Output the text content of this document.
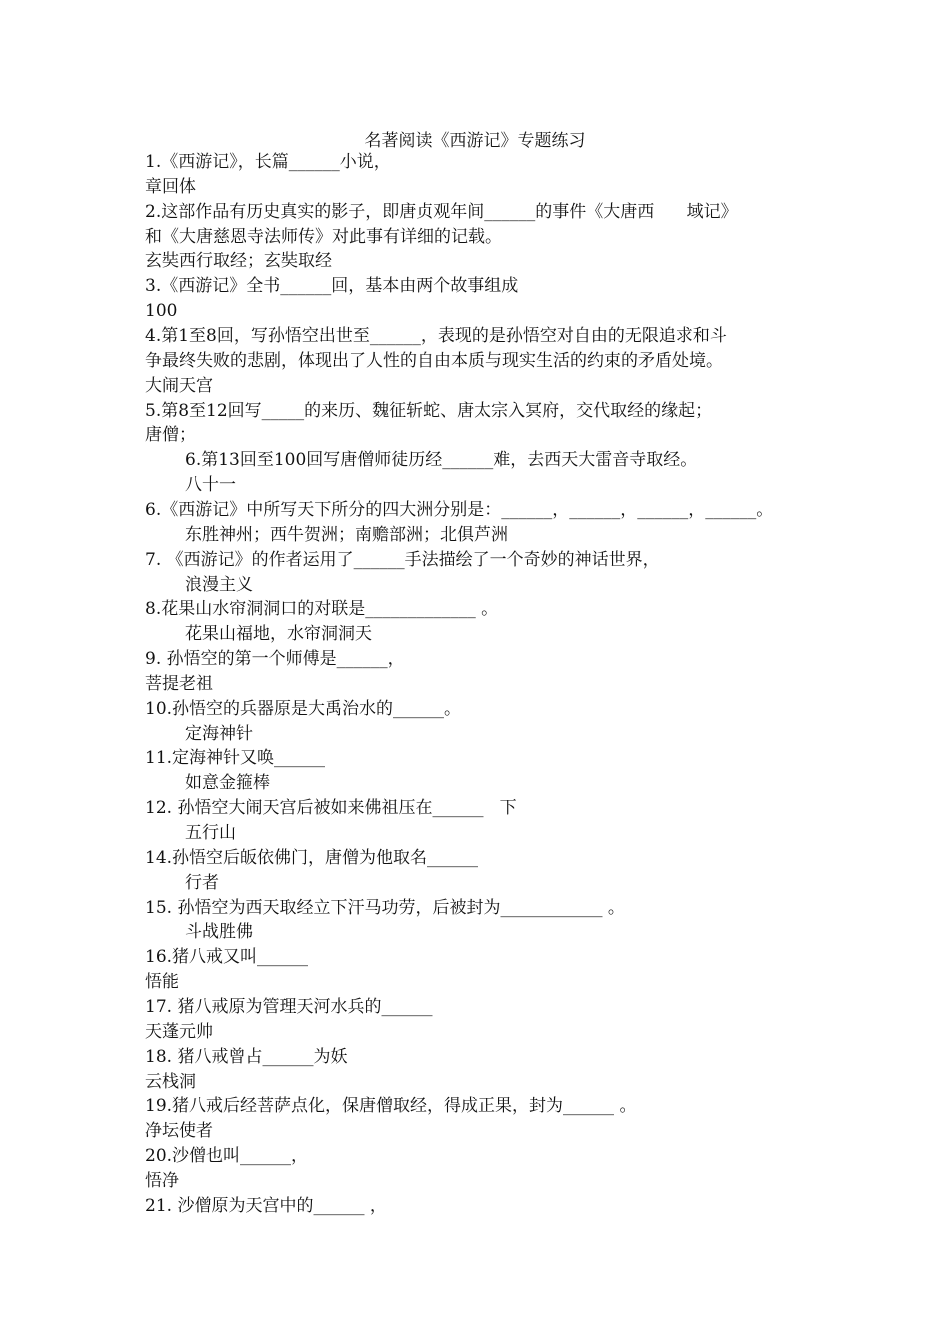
名著阅读《西游记》专题练习
1.《西游记》，长篇______小说，
章回体
2.这部作品有历史真实的影子，即唐贞观年间______的事件《大唐西      域记》
和《大唐慈恩寺法师传》对此事有详细的记载。
玄奘西行取经；玄奘取经
3.《西游记》全书______回，基本由两个故事组成
100
4.第1至8回，写孙悟空出世至______，表现的是孙悟空对自由的无限追求和斗
争最终失败的悲剧，体现出了人性的自由本质与现实生活的约束的矛盾处境。
大闹天宫
5.第8至12回写_____的来历、魏征斩蛇、唐太宗入冥府，交代取经的缘起；
唐僧；
6.第13回至100回写唐僧师徒历经______难，去西天大雷音寺取经。
八十一
6.《西游记》中所写天下所分的四大洲分别是：______，______，______，______。
东胜神州；西牛贺洲；南赡部洲；北俱芦洲
7. 《西游记》的作者运用了______手法描绘了一个奇妙的神话世界，
浪漫主义
8.花果山水帘洞洞口的对联是_____________ 。
花果山福地，水帘洞洞天
9. 孙悟空的第一个师傅是______，
菩提老祖
10.孙悟空的兵器原是大禹治水的______。
定海神针
11.定海神针又唤______
如意金箍棒
12. 孙悟空大闹天宫后被如来佛祖压在______   下
五行山
14.孙悟空后皈依佛门，唐僧为他取名______
行者
15. 孙悟空为西天取经立下汗马功劳，后被封为____________ 。
斗战胜佛
16.猪八戒又叫______
悟能
17. 猪八戒原为管理天河水兵的______
天蓬元帅
18. 猪八戒曾占______为妖
云栈洞
19.猪八戒后经菩萨点化，保唐僧取经，得成正果，封为______ 。
净坛使者
20.沙僧也叫______，
悟净
21. 沙僧原为天宫中的______ ，
